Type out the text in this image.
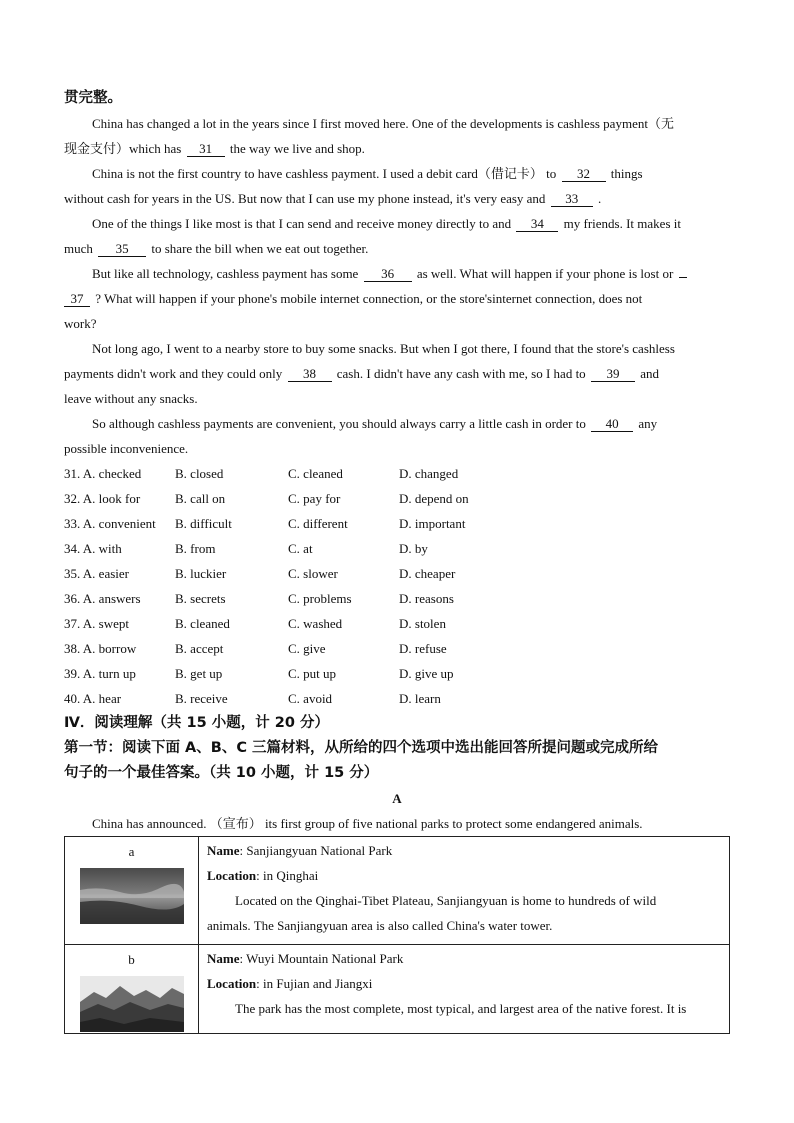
贯完整。
China has changed a lot in the years since I first moved here. One of the developments is cashless payment（无
现金支付）which has 31 the way we live and shop.
China is not the first country to have cashless payment. I used a debit card（借记卡） to 32 things
without cash for years in the US. But now that I can use my phone instead, it's very easy and 33 .
One of the things I like most is that I can send and receive money directly to and 34 my friends. It makes it
much 35 to share the bill when we eat out together.
But like all technology, cashless payment has some 36 as well. What will happen if your phone is lost or
37 ? What will happen if your phone's mobile internet connection, or the store'sinternet connection, does not
work?
Not long ago, I went to a nearby store to buy some snacks. But when I got there, I found that the store's cashless
payments didn't work and they could only 38 cash. I didn't have any cash with me, so I had to 39 and
leave without any snacks.
So although cashless payments are convenient, you should always carry a little cash in order to 40 any
possible inconvenience.
31. A. checked	B. closed	C. cleaned	D. changed
32. A. look for	B. call on	C. pay for	D. depend on
33. A. convenient B. difficult	C. different	D. important
34. A. with	B. from	C. at	D. by
35. A. easier	B. luckier	C. slower	D. cheaper
36. A. answers	B. secrets	C. problems	D. reasons
37. A. swept	B. cleaned	C. washed	D. stolen
38. A. borrow	B. accept	C. give	D. refuse
39. A. turn up	B. get up	C. put up	D. give up
40. A. hear	B. receive	C. avoid	D. learn
Ⅳ．阅读理解（共 15 小题，计 20 分）
第一节：阅读下面 A、B、C 三篇材料，从所给的四个选项中选出能回答所提问题或完成所给
句子的一个最佳答案。（共 10 小题，计 15 分）
A
China has announced. （宣布） its first group of five national parks to protect some endangered animals.
a	Name: Sanjiangyuan National Park
Location: in Qinghai
Located on the Qinghai-Tibet Plateau, Sanjiangyuan is home to hundreds of wild
animals. The Sanjiangyuan area is also called China's water tower.

b	Name: Wuyi Mountain National Park
Location: in Fujian and Jiangxi
The park has the most complete, most typical, and largest area of the native forest. It is
